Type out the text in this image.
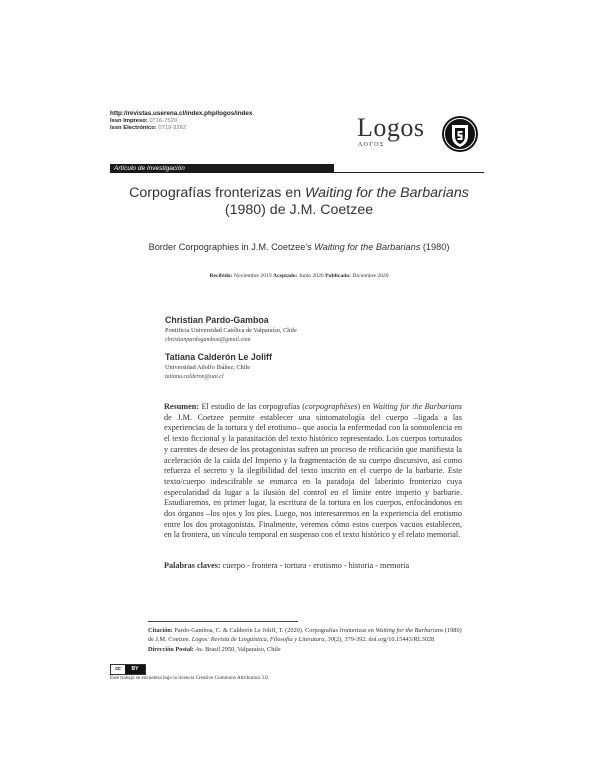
http://revistas.userena.cl/index.php/logos/index
Issn Impreso: 0716-7520
Issn Electrónico: 0719-3262	Logos
ΛΟΓΟΣ
Artículo de Investigación
Corpografías fronterizas en Waiting for the Barbarians
(1980) de J.M. Coetzee
Border Corpographies in J.M. Coetzee's Waiting for the Barbarians (1980)
Recibido: Noviembre 2019 Aceptado: Junio 2020 Publicado: Diciembre 2020
Christian Pardo-Gamboa
Pontificia Universidad Católica de Valparaíso, Chile
christianpardogamboa@gmail.com
Tatiana Calderón Le Joliff
Universidad Adolfo Ibáñez, Chile
tatiana.calderon@uai.cl
Resumen: El estudio de las corpografías (corpographèses) en Waiting for the Barbarians de J.M. Coetzee permite establecer una sintomatología del cuerpo –ligada a las experiencias de la tortura y del erotismo– que asocia la enfermedad con la somnolencia en el texto ficcional y la parasitación del texto histórico representado. Los cuerpos torturados y carentes de deseo de los protagonistas sufren un proceso de reificación que manifiesta la aceleración de la caída del Imperio y la fragmentación de su cuerpo discursivo, así como refuerza el secreto y la ilegibilidad del texto inscrito en el cuerpo de la barbarie. Este texto/cuerpo indescifrable se enmarca en la paradoja del laberinto fronterizo cuya especularidad da lugar a la ilusión del control en el límite entre imperio y barbarie. Estudiaremos, en primer lugar, la escritura de la tortura en los cuerpos, enfocándonos en dos órganos –los ojos y los pies. Luego, nos interesaremos en la experiencia del erotismo entre los dos protagonistas. Finalmente, veremos cómo estos cuerpos vacuos establecen, en la frontera, un vínculo temporal en suspenso con el texto histórico y el relato memorial.
Palabras claves: cuerpo - frontera - tortura - erotismo - historia - memoria
Citación: Pardo-Gamboa, C. & Calderón Le Joliff, T. (2020). Corpografías fronterizas en Waiting for the Barbarians (1980) de J.M. Coetzee. Logos: Revista de Lingüística, Filosofía y Literatura, 30(2), 379-392. doi.org/10.15443/RL3028
Dirección Postal: Av. Brasil 2950, Valparaíso, Chile
cc	BY
Este trabajo se encuentra bajo la licencia Creative Commons Attribution 3.0.
